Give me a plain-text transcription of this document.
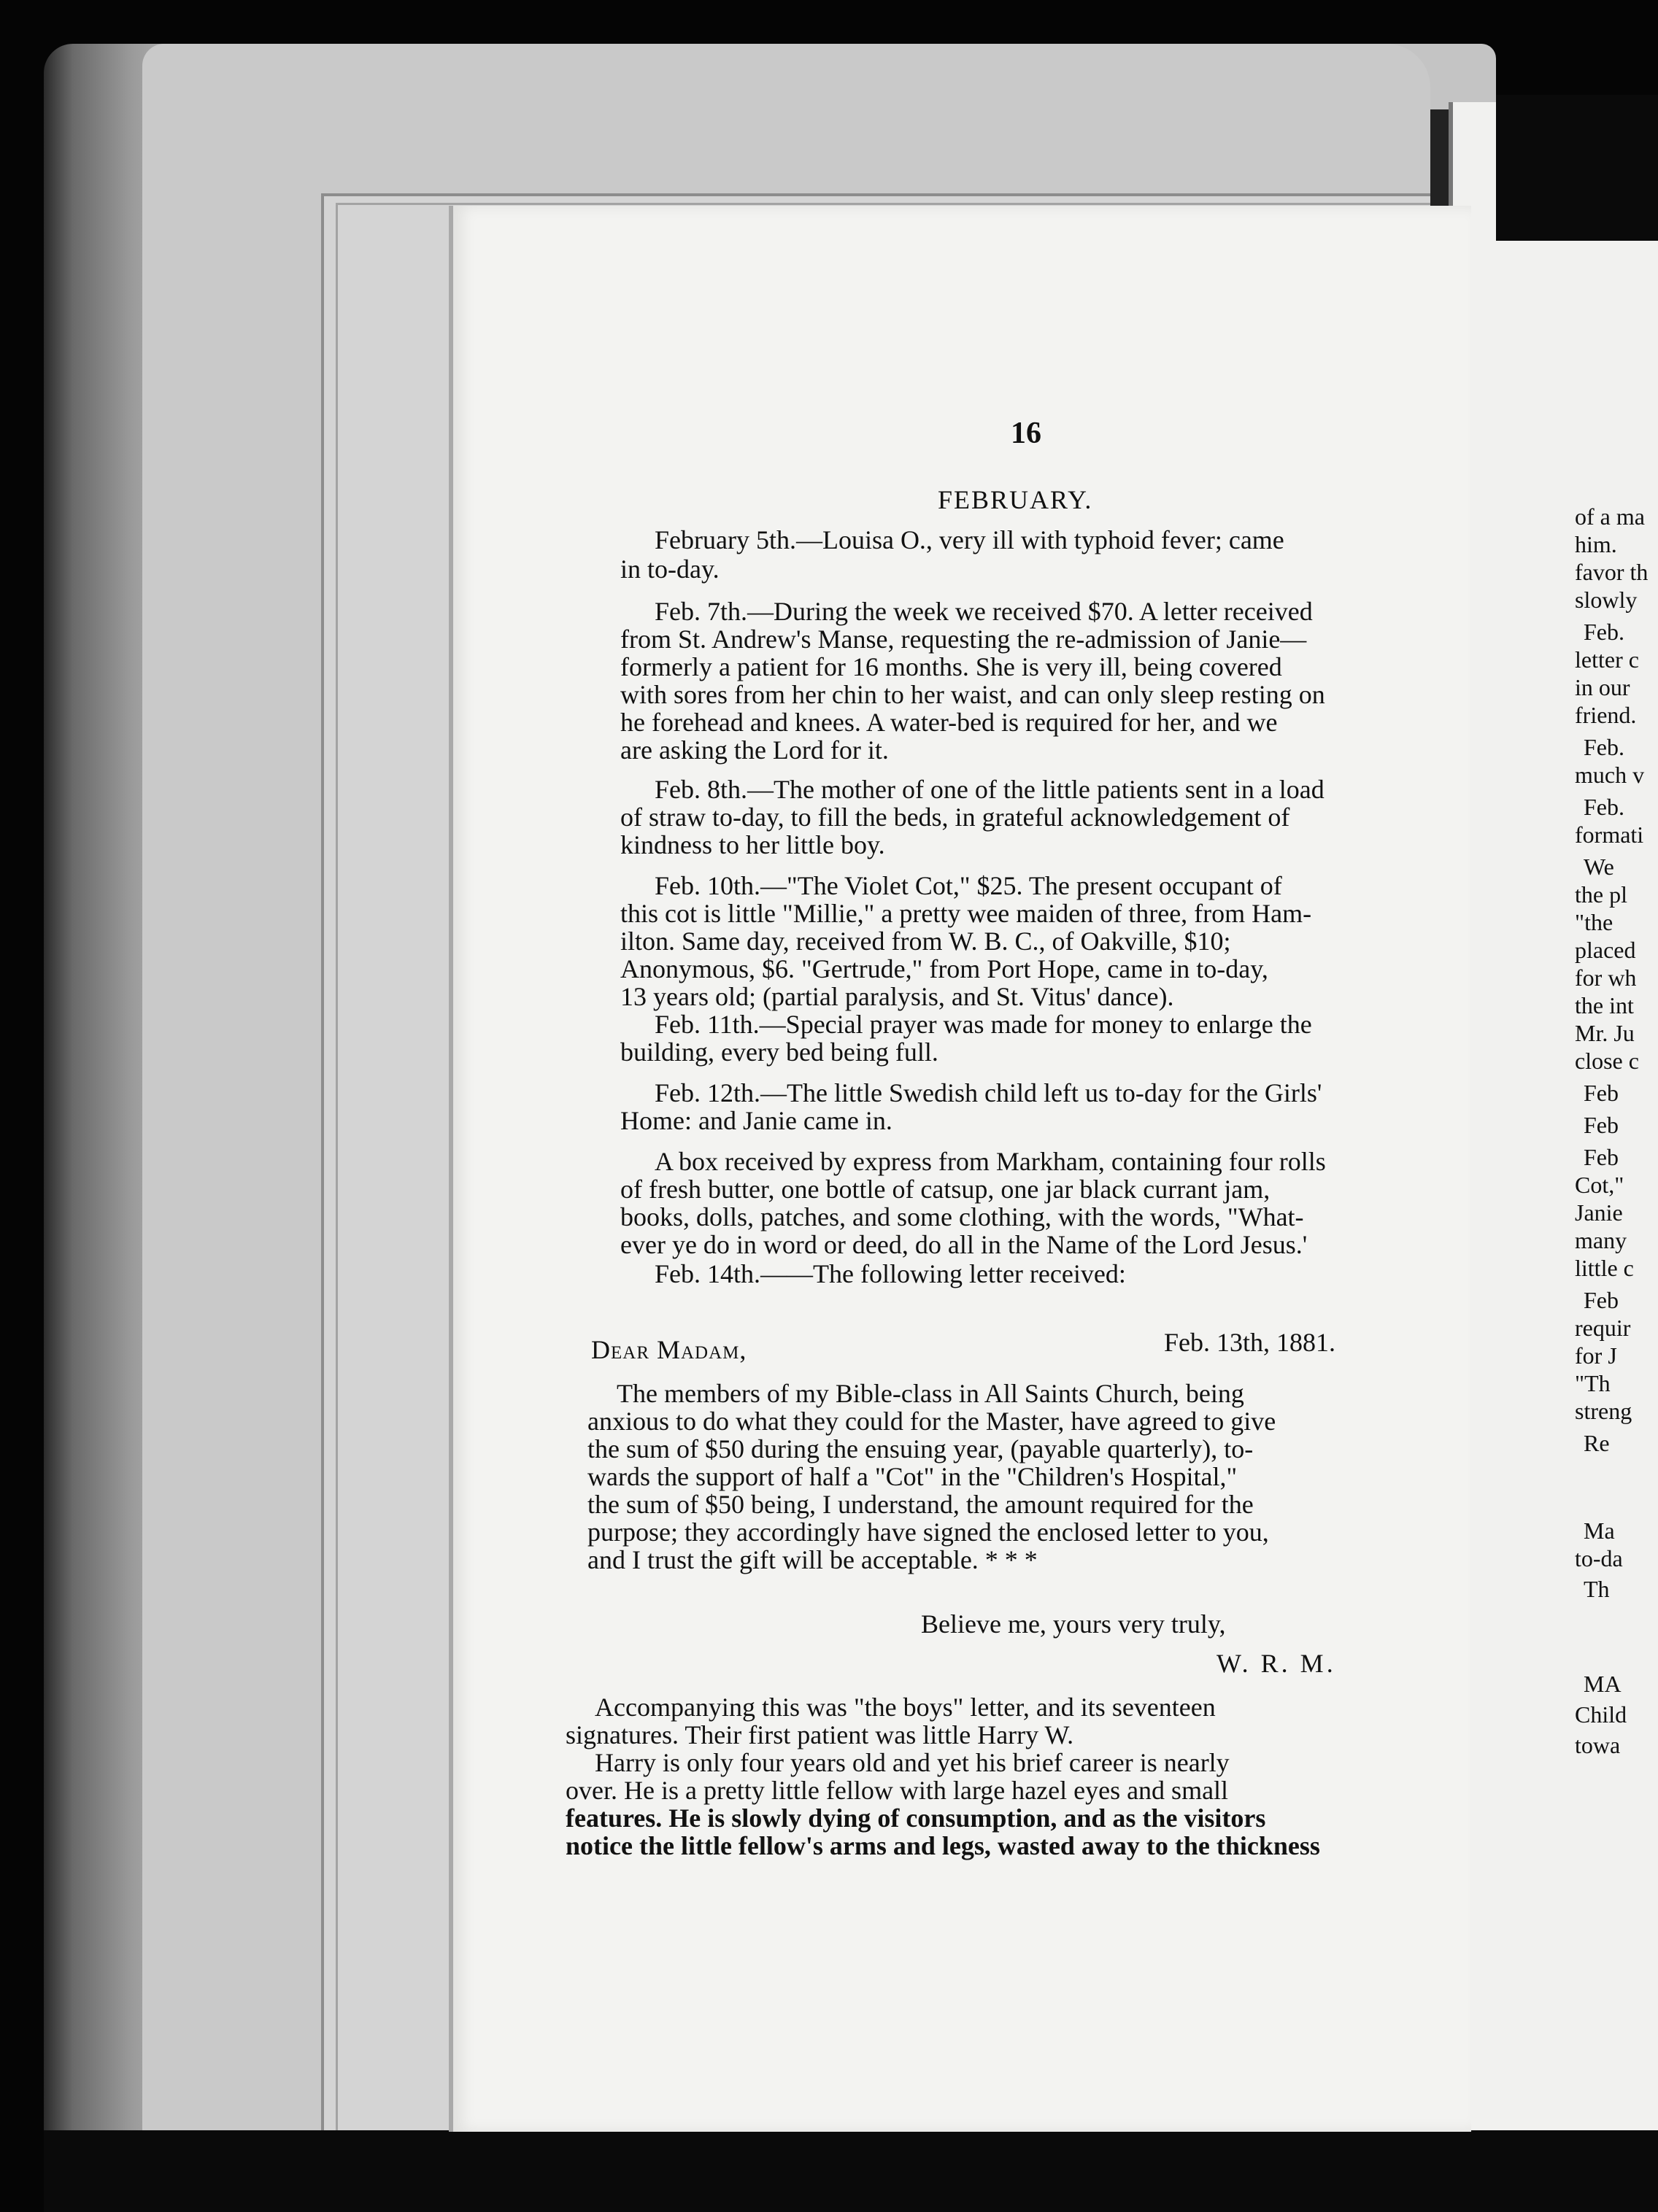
16
FEBRUARY.
February 5th.—Louisa O., very ill with typhoid fever; came
in to-day.
Feb. 7th.—During the week we received $70. A letter received
from St. Andrew's Manse, requesting the re-admission of Janie—
formerly a patient for 16 months. She is very ill, being covered
with sores from her chin to her waist, and can only sleep resting on
he forehead and knees. A water-bed is required for her, and we
are asking the Lord for it.
Feb. 8th.—The mother of one of the little patients sent in a load
of straw to-day, to fill the beds, in grateful acknowledgement of
kindness to her little boy.
Feb. 10th.—"The Violet Cot," $25. The present occupant of
this cot is little "Millie," a pretty wee maiden of three, from Ham-
ilton. Same day, received from W. B. C., of Oakville, $10;
Anonymous, $6. "Gertrude," from Port Hope, came in to-day,
13 years old; (partial paralysis, and St. Vitus' dance).
Feb. 11th.—Special prayer was made for money to enlarge the
building, every bed being full.
Feb. 12th.—The little Swedish child left us to-day for the Girls'
Home: and Janie came in.
A box received by express from Markham, containing four rolls
of fresh butter, one bottle of catsup, one jar black currant jam,
books, dolls, patches, and some clothing, with the words, "What-
ever ye do in word or deed, do all in the Name of the Lord Jesus.'
Feb. 14th.——The following letter received:
Dear Madam,	Feb. 13th, 1881.
The members of my Bible-class in All Saints Church, being
anxious to do what they could for the Master, have agreed to give
the sum of $50 during the ensuing year, (payable quarterly), to-
wards the support of half a "Cot" in the "Children's Hospital,"
the sum of $50 being, I understand, the amount required for the
purpose; they accordingly have signed the enclosed letter to you,
and I trust the gift will be acceptable. * * *
Believe me, yours very truly,
W. R. M.
Accompanying this was "the boys" letter, and its seventeen
signatures. Their first patient was little Harry W.
Harry is only four years old and yet his brief career is nearly
over. He is a pretty little fellow with large hazel eyes and small
features. He is slowly dying of consumption, and as the visitors
notice the little fellow's arms and legs, wasted away to the thickness
of a ma
him.
favor th
slowly
Feb.
letter c
in our
friend.
Feb.
much v
Feb.
formati
We
the pl
"the
placed
for wh
the int
Mr. Ju
close c
Feb
Feb
Feb
Cot,"
Janie
many
little c
Feb
requir
for J
"Th
streng
Re
Ma
to-da
Th
MA
Child
towa
